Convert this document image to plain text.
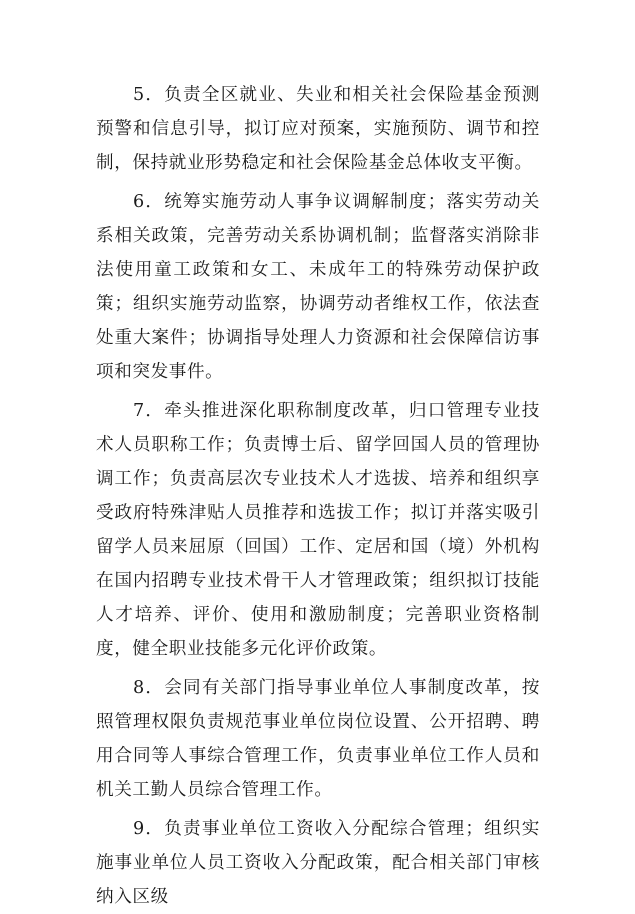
5．负责全区就业、失业和相关社会保险基金预测预警和信息引导，拟订应对预案，实施预防、调节和控制，保持就业形势稳定和社会保险基金总体收支平衡。

6．统筹实施劳动人事争议调解制度；落实劳动关系相关政策，完善劳动关系协调机制；监督落实消除非法使用童工政策和女工、未成年工的特殊劳动保护政策；组织实施劳动监察，协调劳动者维权工作，依法查处重大案件；协调指导处理人力资源和社会保障信访事项和突发事件。

7．牵头推进深化职称制度改革，归口管理专业技术人员职称工作；负责博士后、留学回国人员的管理协调工作；负责高层次专业技术人才选拔、培养和组织享受政府特殊津贴人员推荐和选拔工作；拟订并落实吸引留学人员来屈原（回国）工作、定居和国（境）外机构在国内招聘专业技术骨干人才管理政策；组织拟订技能人才培养、评价、使用和激励制度；完善职业资格制度，健全职业技能多元化评价政策。

8．会同有关部门指导事业单位人事制度改革，按照管理权限负责规范事业单位岗位设置、公开招聘、聘用合同等人事综合管理工作，负责事业单位工作人员和机关工勤人员综合管理工作。

9．负责事业单位工资收入分配综合管理；组织实施事业单位人员工资收入分配政策，配合相关部门审核纳入区级
